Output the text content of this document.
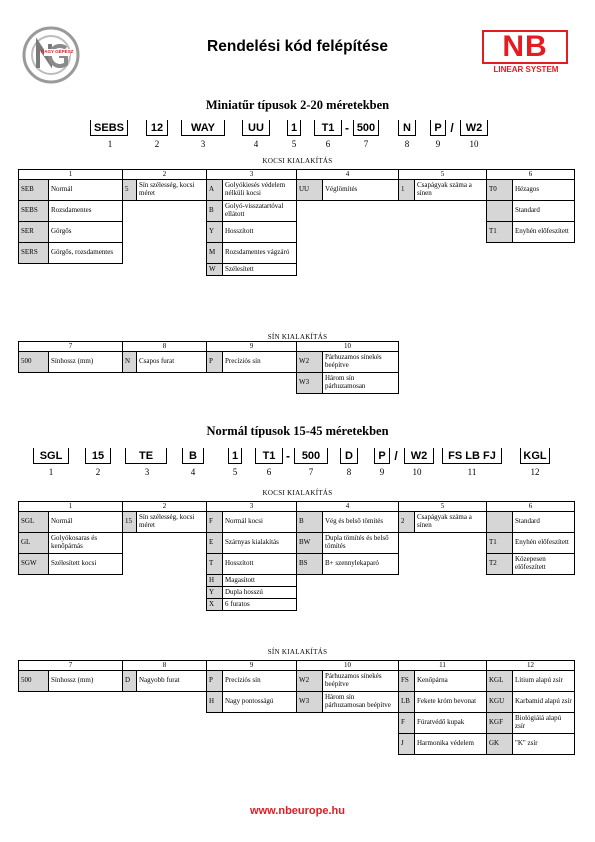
NAGY GÉPÉSZ	Rendelési kód felépítése	NB
LINEAR SYSTEM
Miniatűr típusok 2-20 méretekben
SEBS	12	WAY	UU	1	T1 - 500	N	P /	W2
1	2	3	4	5	6	7	8	9	10
KOCSI KIALAKÍTÁS
1		2		3		4		5		6	
SEB	Normál	5	Sín szélesség, kocsi méret	A	Golyókiesés védelem nélküli kocsi	UU	Véglömítés	1	Csapágyak száma a sínen	T0	Hézagos
SEBS	Rozsdamentes			B	Golyó-visszatartóval ellátott						Standard
SER	Görgős			Y	Hosszított					T1	Enyhén előfeszített
SERS	Görgős, rozsdamentes			M	Rozsdamentes vágzáró						
				W	Szélesített						
SÍN KIALAKÍTÁS
7		8		9		10	
500	Sínhossz (mm)	N	Csapos furat	P	Precíziós sín	W2	Párhuzamos sínekés beépítve
						W3	Három sín párhuzamosan
Normál típusok 15-45 méretekben
SGL	15	TE	B	1	T1 -	500	D	P /	W2	FS LB FJ	KGL
1	2	3	4	5	6	7	8	9	10	11	12
KOCSI KIALAKÍTÁS
1		2		3		4		5		6	
SGL	Normál	15	Sín szélesség, kocsi méret	F	Normál kocsi	B	Vég és belső tömítés	2	Csapágyak száma a sínen		Standard
GL	Golyókosaras és kenőpárnás			E	Szárnyas kialakítás	BW	Dupla tömítés és belső tömítés			T1	Enyhén előfeszített
SGW	Szélesített kocsi			T	Hosszított	BS	B+ szennylekaparó			T2	Közepesen előfeszített
				H	Magasított						
				Y	Dupla hosszú						
				X	6 furatos						
SÍN KIALAKÍTÁS
7		8		9		10		11		12	
500	Sínhossz (mm)	D	Nagyobb furat	P	Precíziós sín	W2	Párhuzamos sínekés beépítve	FS	Kenőpárna	KGL	Lítium alapú zsír
				H	Nagy pontosságú	W3	Három sín párhuzamosan beépítve	LB	Fekete króm bevonat	KGU	Karbamid alapú zsír
								F	Fúratvédő kupak	KGF	Biológiáiá alapú zsír
								J	Harmonika védelem	GK	"K" zsír
www.nbeurope.hu
